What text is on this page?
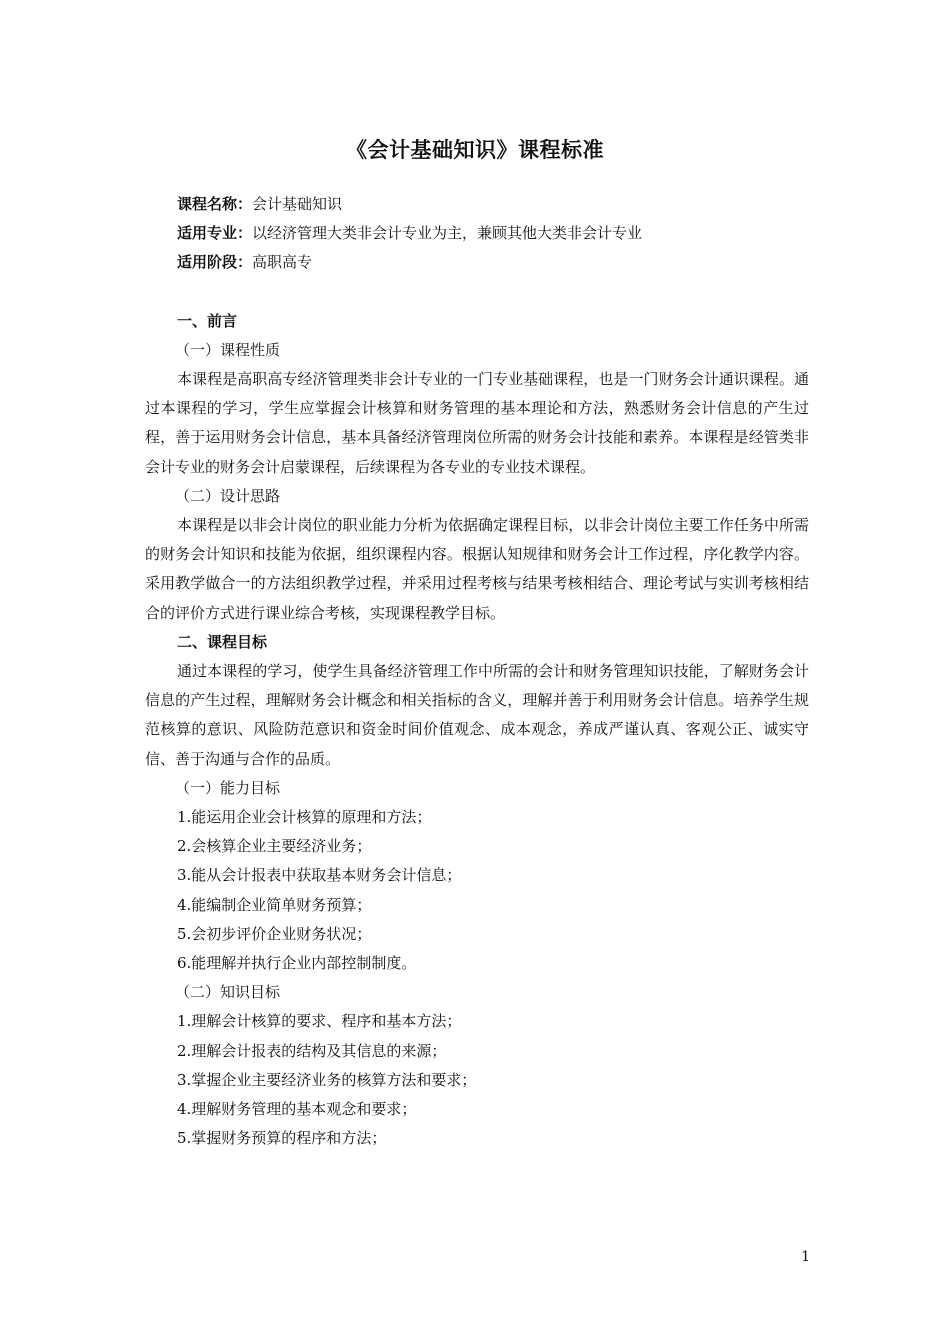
《会计基础知识》课程标准

课程名称：会计基础知识

适用专业：以经济管理大类非会计专业为主，兼顾其他大类非会计专业

适用阶段：高职高专

一、前言

（一）课程性质

本课程是高职高专经济管理类非会计专业的一门专业基础课程，也是一门财务会计通识课程。通过本课程的学习，学生应掌握会计核算和财务管理的基本理论和方法，熟悉财务会计信息的产生过程，善于运用财务会计信息，基本具备经济管理岗位所需的财务会计技能和素养。本课程是经管类非会计专业的财务会计启蒙课程，后续课程为各专业的专业技术课程。

（二）设计思路

本课程是以非会计岗位的职业能力分析为依据确定课程目标，以非会计岗位主要工作任务中所需的财务会计知识和技能为依据，组织课程内容。根据认知规律和财务会计工作过程，序化教学内容。采用教学做合一的方法组织教学过程，并采用过程考核与结果考核相结合、理论考试与实训考核相结合的评价方式进行课业综合考核，实现课程教学目标。

二、课程目标

通过本课程的学习，使学生具备经济管理工作中所需的会计和财务管理知识技能，了解财务会计信息的产生过程，理解财务会计概念和相关指标的含义，理解并善于利用财务会计信息。培养学生规范核算的意识、风险防范意识和资金时间价值观念、成本观念，养成严谨认真、客观公正、诚实守信、善于沟通与合作的品质。

（一）能力目标

1.能运用企业会计核算的原理和方法；

2.会核算企业主要经济业务；

3.能从会计报表中获取基本财务会计信息；

4.能编制企业简单财务预算；

5.会初步评价企业财务状况；

6.能理解并执行企业内部控制制度。

（二）知识目标

1.理解会计核算的要求、程序和基本方法；

2.理解会计报表的结构及其信息的来源；

3.掌握企业主要经济业务的核算方法和要求；

4.理解财务管理的基本观念和要求；

5.掌握财务预算的程序和方法；

1
